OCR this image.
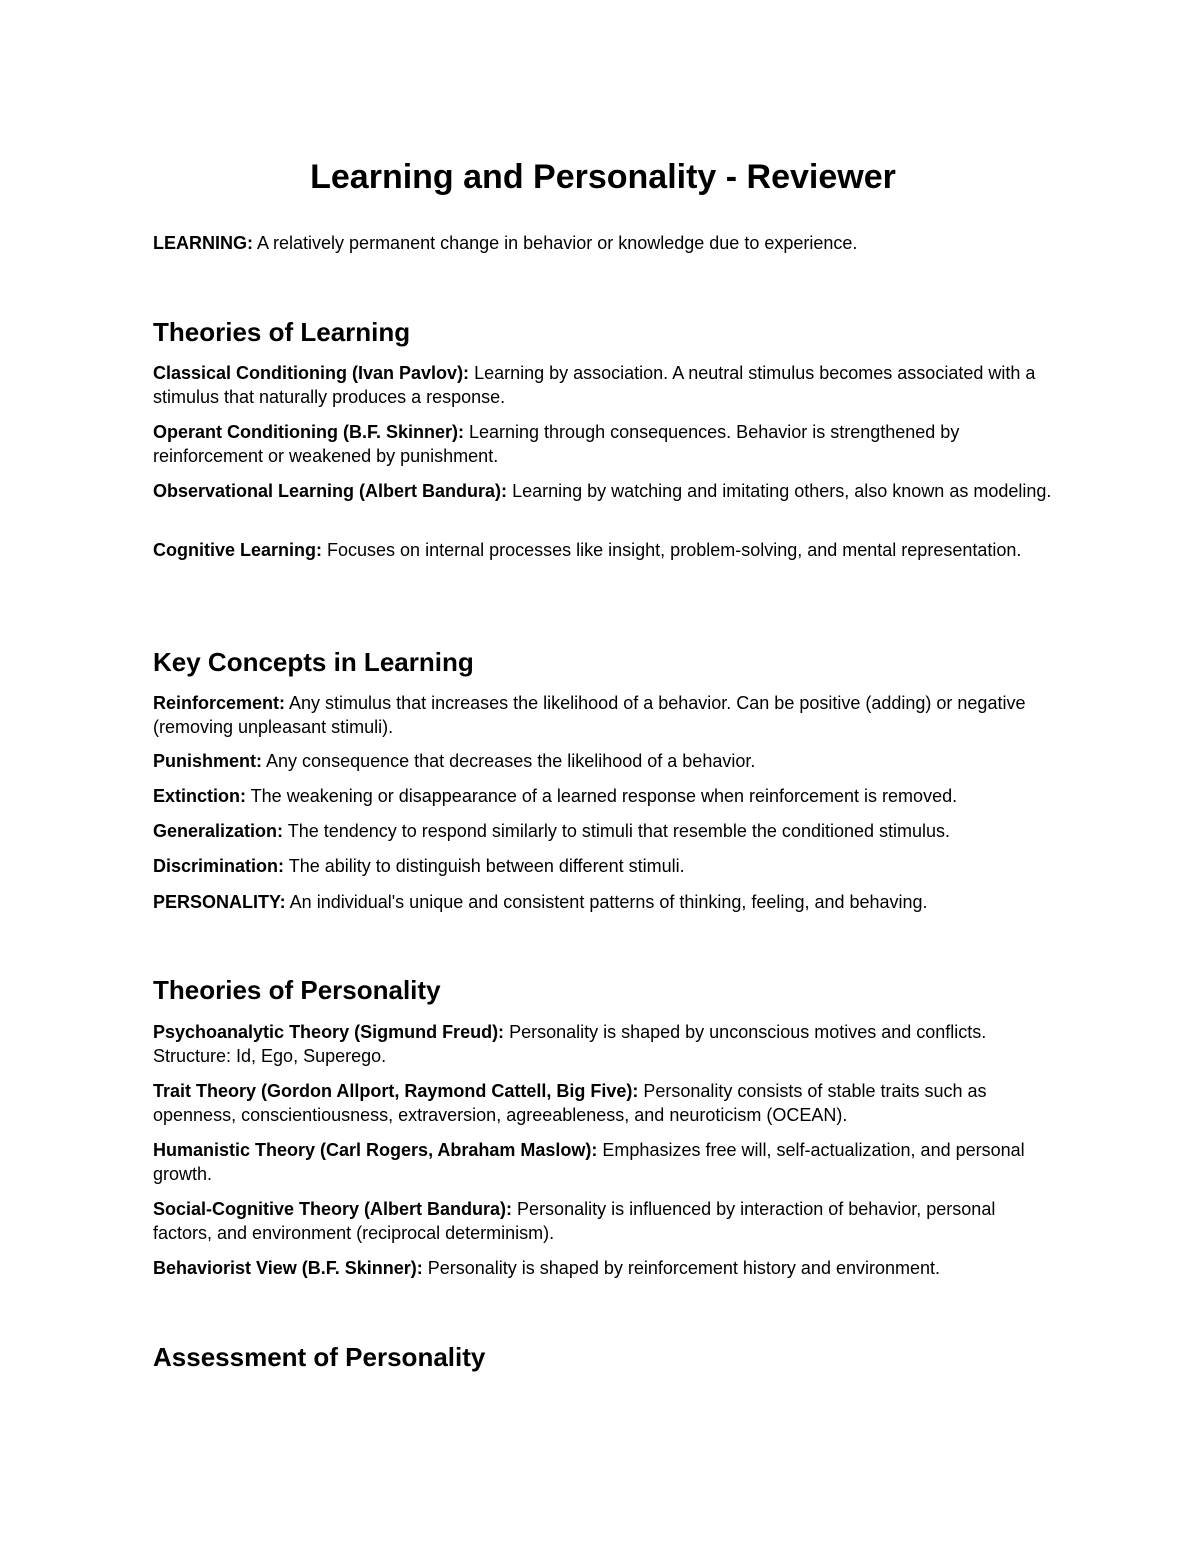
Learning and Personality - Reviewer

LEARNING: A relatively permanent change in behavior or knowledge due to experience.

Theories of Learning

Classical Conditioning (Ivan Pavlov): Learning by association. A neutral stimulus becomes associated with a stimulus that naturally produces a response.

Operant Conditioning (B.F. Skinner): Learning through consequences. Behavior is strengthened by reinforcement or weakened by punishment.

Observational Learning (Albert Bandura): Learning by watching and imitating others, also known as modeling.

Cognitive Learning: Focuses on internal processes like insight, problem-solving, and mental representation.

Key Concepts in Learning

Reinforcement: Any stimulus that increases the likelihood of a behavior. Can be positive (adding) or negative (removing unpleasant stimuli).

Punishment: Any consequence that decreases the likelihood of a behavior.

Extinction: The weakening or disappearance of a learned response when reinforcement is removed.

Generalization: The tendency to respond similarly to stimuli that resemble the conditioned stimulus.

Discrimination: The ability to distinguish between different stimuli.

PERSONALITY: An individual's unique and consistent patterns of thinking, feeling, and behaving.

Theories of Personality

Psychoanalytic Theory (Sigmund Freud): Personality is shaped by unconscious motives and conflicts. Structure: Id, Ego, Superego.

Trait Theory (Gordon Allport, Raymond Cattell, Big Five): Personality consists of stable traits such as openness, conscientiousness, extraversion, agreeableness, and neuroticism (OCEAN).

Humanistic Theory (Carl Rogers, Abraham Maslow): Emphasizes free will, self-actualization, and personal growth.

Social-Cognitive Theory (Albert Bandura): Personality is influenced by interaction of behavior, personal factors, and environment (reciprocal determinism).

Behaviorist View (B.F. Skinner): Personality is shaped by reinforcement history and environment.

Assessment of Personality
